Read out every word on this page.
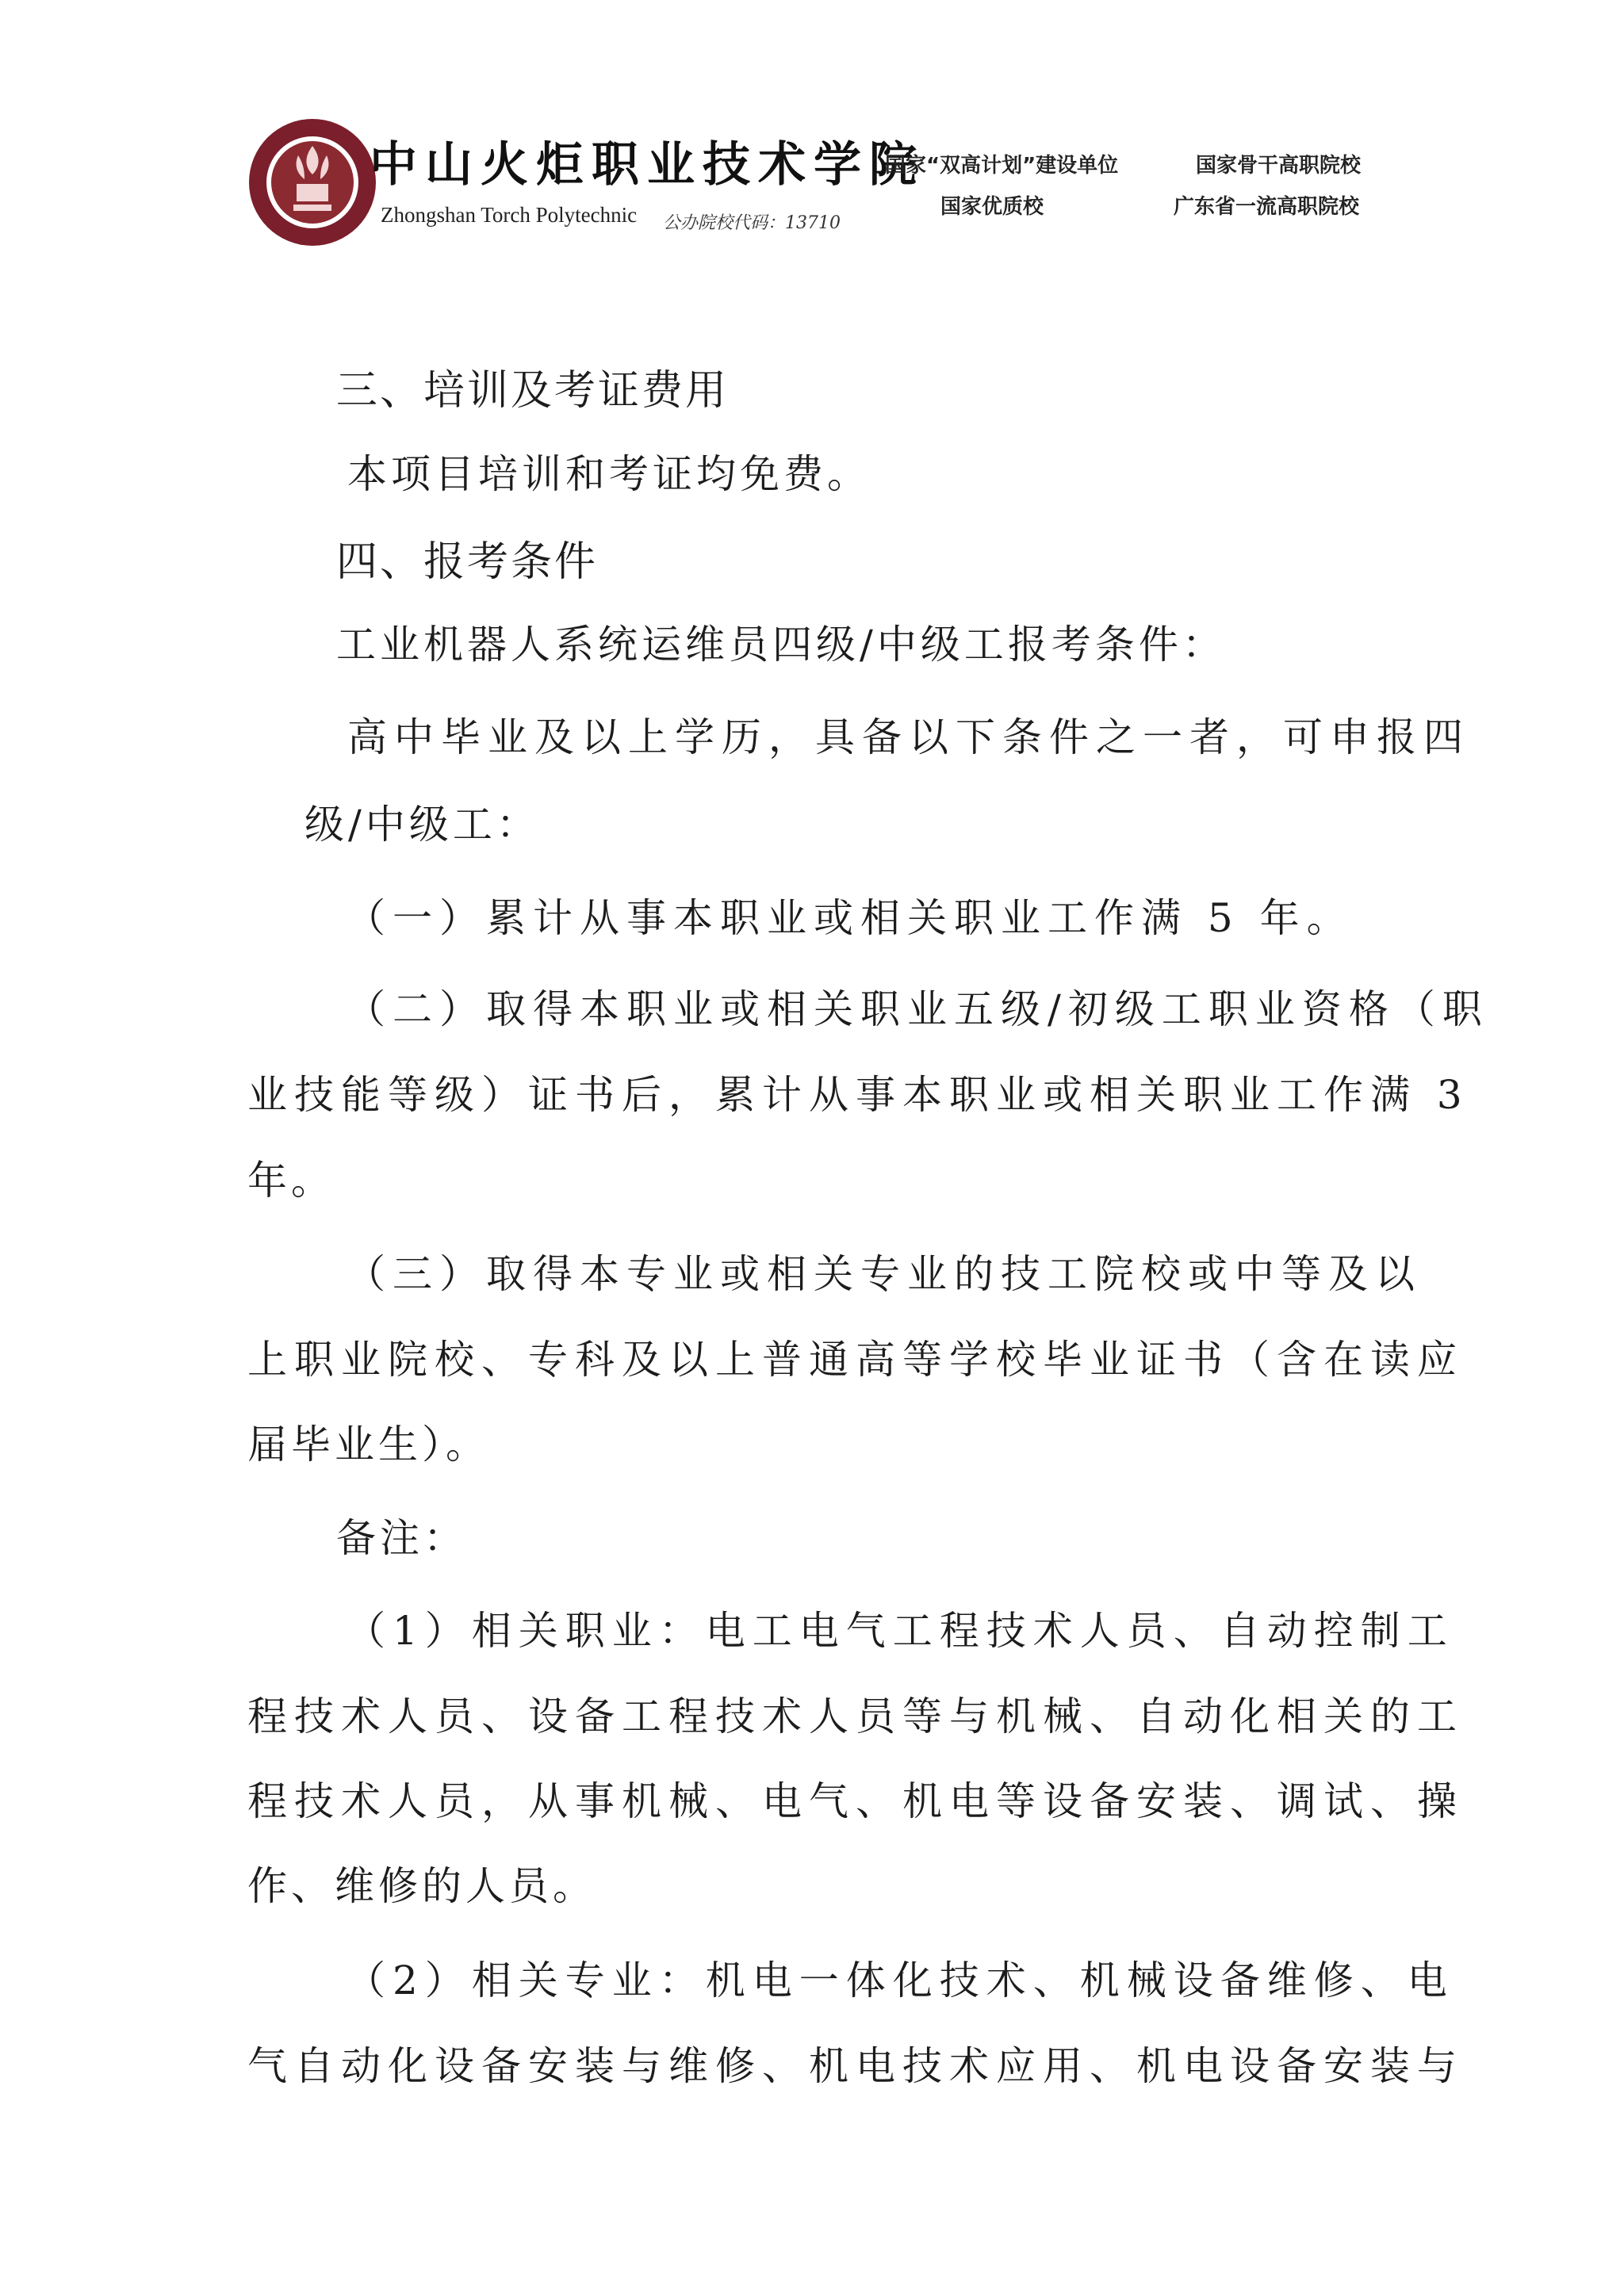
中山火炬职业技术学院
Zhongshan Torch Polytechnic 公办院校代码：13710
国家“双高计划”建设单位	国家骨干高职院校
国家优质校	广东省一流高职院校
三、培训及考证费用
本项目培训和考证均免费。
四、报考条件
工业机器人系统运维员四级/中级工报考条件：
高中毕业及以上学历，具备以下条件之一者，可申报四
级/中级工：
（一）累计从事本职业或相关职业工作满 5 年。
（二）取得本职业或相关职业五级/初级工职业资格（职
业技能等级）证书后，累计从事本职业或相关职业工作满 3
年。
（三）取得本专业或相关专业的技工院校或中等及以
上职业院校、专科及以上普通高等学校毕业证书（含在读应
届毕业生）。
备注：
（1）相关职业：电工电气工程技术人员、自动控制工
程技术人员、设备工程技术人员等与机械、自动化相关的工
程技术人员，从事机械、电气、机电等设备安装、调试、操
作、维修的人员。
（2）相关专业：机电一体化技术、机械设备维修、电
气自动化设备安装与维修、机电技术应用、机电设备安装与
